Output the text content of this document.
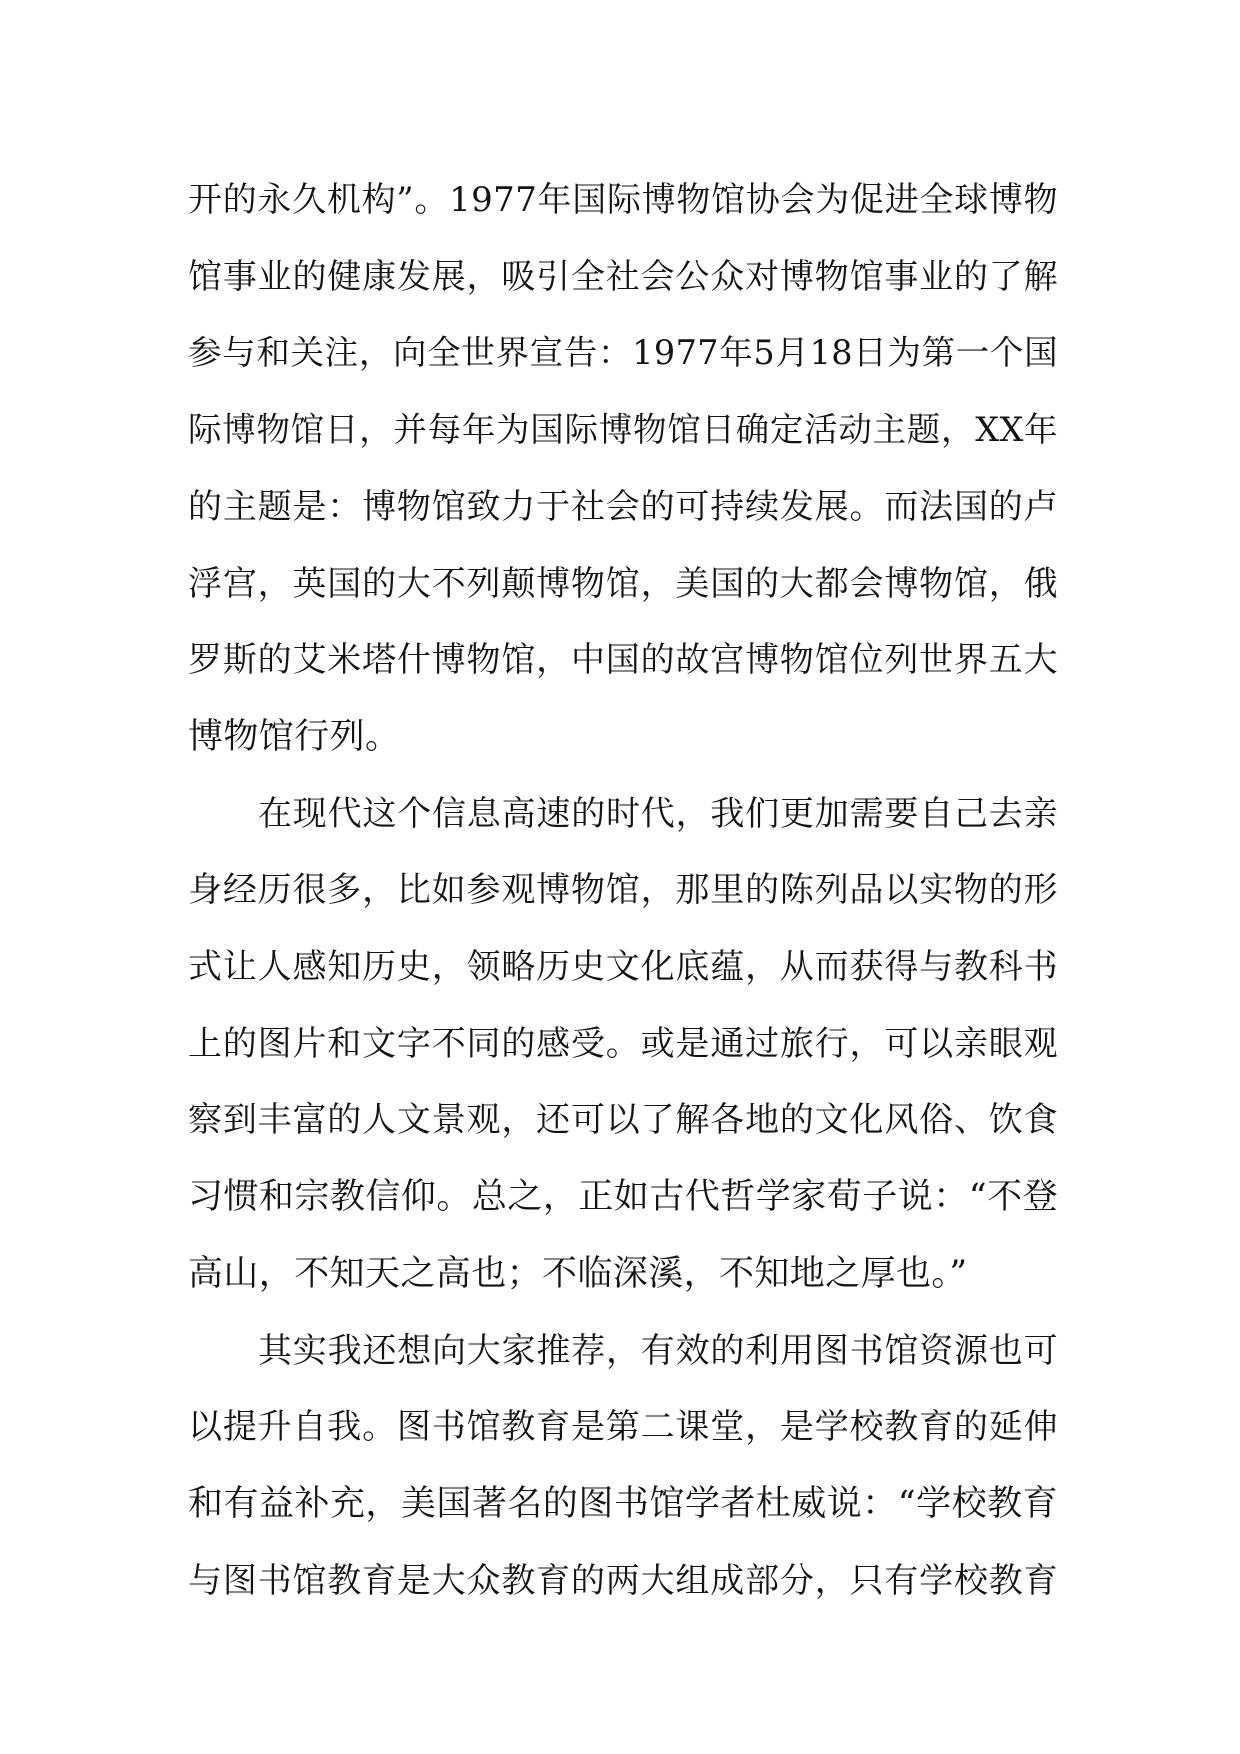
开的永久机构”。1977年国际博物馆协会为促进全球博物
馆事业的健康发展，吸引全社会公众对博物馆事业的了解
参与和关注，向全世界宣告：1977年5月18日为第一个国
际博物馆日，并每年为国际博物馆日确定活动主题，XX年
的主题是：博物馆致力于社会的可持续发展。而法国的卢
浮宫，英国的大不列颠博物馆，美国的大都会博物馆，俄
罗斯的艾米塔什博物馆，中国的故宫博物馆位列世界五大
博物馆行列。

在现代这个信息高速的时代，我们更加需要自己去亲
身经历很多，比如参观博物馆，那里的陈列品以实物的形
式让人感知历史，领略历史文化底蕴，从而获得与教科书
上的图片和文字不同的感受。或是通过旅行，可以亲眼观
察到丰富的人文景观，还可以了解各地的文化风俗、饮食
习惯和宗教信仰。总之，正如古代哲学家荀子说：“不登
高山，不知天之高也；不临深溪，不知地之厚也。”

其实我还想向大家推荐，有效的利用图书馆资源也可
以提升自我。图书馆教育是第二课堂，是学校教育的延伸
和有益补充，美国著名的图书馆学者杜威说：“学校教育
与图书馆教育是大众教育的两大组成部分，只有学校教育
